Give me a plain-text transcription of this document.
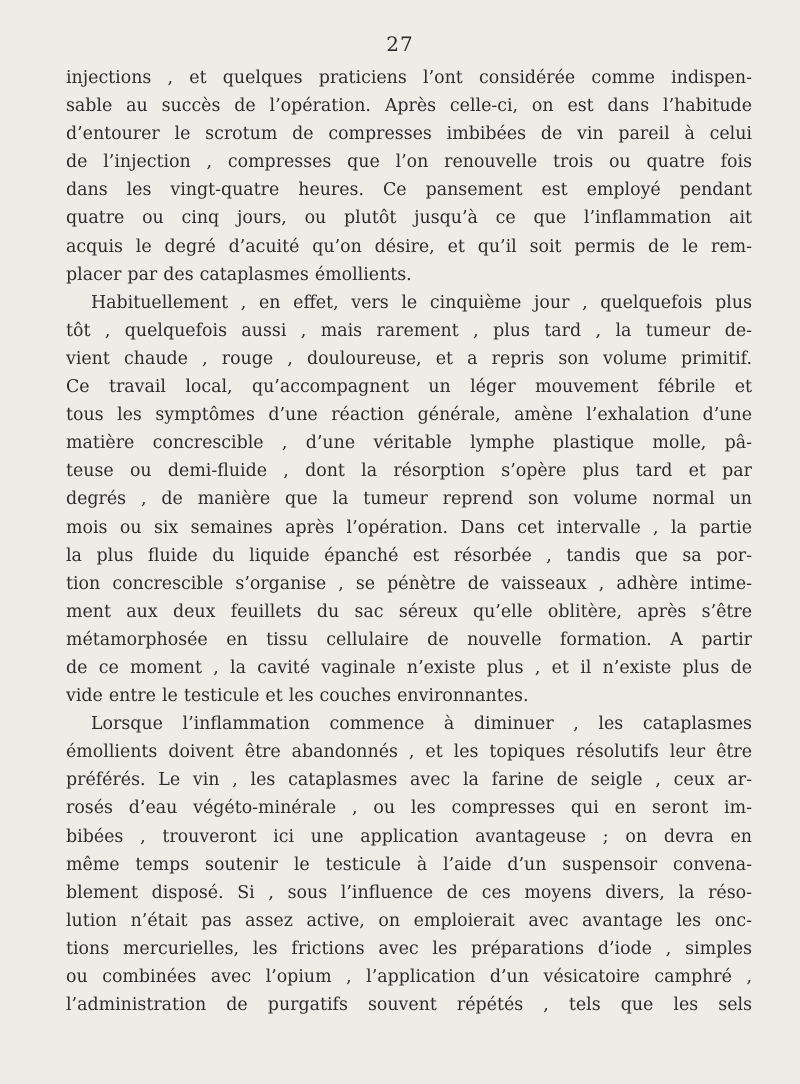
27
injections , et quelques praticiens l’ont considérée comme indispen-
sable au succès de l’opération. Après celle-ci, on est dans l’habitude
d’entourer le scrotum de compresses imbibées de vin pareil à celui
de l’injection , compresses que l’on renouvelle trois ou quatre fois
dans les vingt-quatre heures. Ce pansement est employé pendant
quatre ou cinq jours, ou plutôt jusqu’à ce que l’inflammation ait
acquis le degré d’acuité qu’on désire, et qu’il soit permis de le rem-
placer par des cataplasmes émollients.
Habituellement , en effet, vers le cinquième jour , quelquefois plus
tôt , quelquefois aussi , mais rarement , plus tard , la tumeur de-
vient chaude , rouge , douloureuse, et a repris son volume primitif.
Ce travail local, qu’accompagnent un léger mouvement fébrile et
tous les symptômes d’une réaction générale, amène l’exhalation d’une
matière concrescible , d’une véritable lymphe plastique molle, pâ-
teuse ou demi-fluide , dont la résorption s’opère plus tard et par
degrés , de manière que la tumeur reprend son volume normal un
mois ou six semaines après l’opération. Dans cet intervalle , la partie
la plus fluide du liquide épanché est résorbée , tandis que sa por-
tion concrescible s’organise , se pénètre de vaisseaux , adhère intime-
ment aux deux feuillets du sac séreux qu’elle oblitère, après s’être
métamorphosée en tissu cellulaire de nouvelle formation. A partir
de ce moment , la cavité vaginale n’existe plus , et il n’existe plus de
vide entre le testicule et les couches environnantes.
Lorsque l’inflammation commence à diminuer , les cataplasmes
émollients doivent être abandonnés , et les topiques résolutifs leur être
préférés. Le vin , les cataplasmes avec la farine de seigle , ceux ar-
rosés d’eau végéto-minérale , ou les compresses qui en seront im-
bibées , trouveront ici une application avantageuse ; on devra en
même temps soutenir le testicule à l’aide d’un suspensoir convena-
blement disposé. Si , sous l’influence de ces moyens divers, la réso-
lution n’était pas assez active, on emploierait avec avantage les onc-
tions mercurielles, les frictions avec les préparations d’iode , simples
ou combinées avec l’opium , l’application d’un vésicatoire camphré ,
l’administration de purgatifs souvent répétés , tels que les sels
